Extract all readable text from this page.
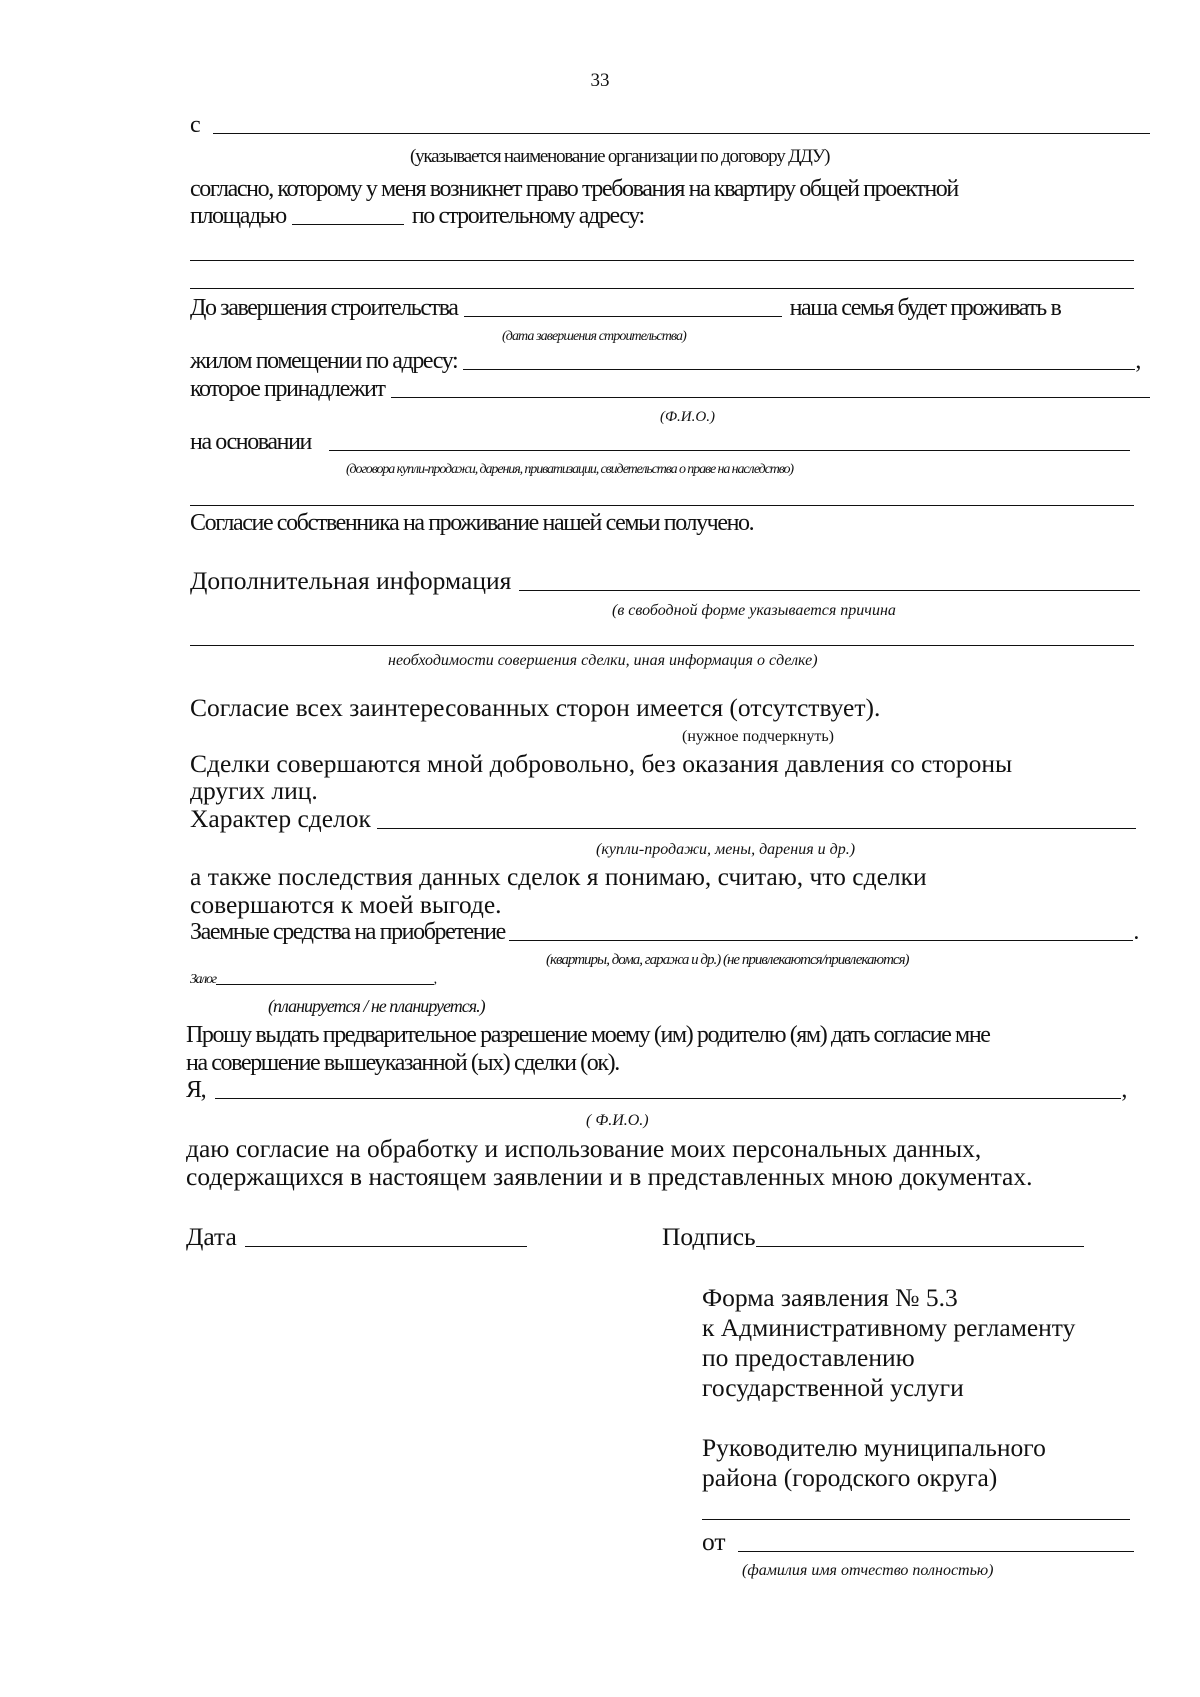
33
с
(указывается наименование организации по договору ДДУ)
согласно, которому у меня возникнет право требования на квартиру общей проектной
площадью	по строительному адресу:
До завершения строительства	наша семья будет проживать в
(дата завершения строительства)
жилом помещении по адресу:	,
которое принадлежит
(Ф.И.О.)
на основании
(договора купли-продажи, дарения, приватизации, свидетельства о праве на наследство)
Согласие собственника на проживание нашей семьи получено.
Дополнительная информация
(в свободной форме указывается причина
необходимости совершения сделки, иная информация о сделке)
Согласие всех заинтересованных сторон имеется (отсутствует).
(нужное подчеркнуть)
Сделки совершаются мной добровольно, без оказания давления со стороны
других лиц.
Характер сделок
(купли-продажи, мены, дарения и др.)
а также последствия данных сделок я понимаю, считаю, что сделки
совершаются к моей выгоде.
Заемные средства на приобретение	.
(квартиры, дома, гаража и др.) (не привлекаются/привлекаются)
Залог	,
(планируется / не планируется.)
Прошу выдать предварительное разрешение моему (им) родителю (ям) дать согласие мне
на совершение вышеуказанной (ых) сделки (ок).
Я,	,
( Ф.И.О.)
даю согласие на обработку и использование моих персональных данных,
содержащихся в настоящем заявлении и в представленных мною документах.
Дата	Подпись
Форма заявления № 5.3
к Административному регламенту
по предоставлению
государственной услуги
Руководителю муниципального
района (городского округа)
от
(фамилия имя отчество полностью)
